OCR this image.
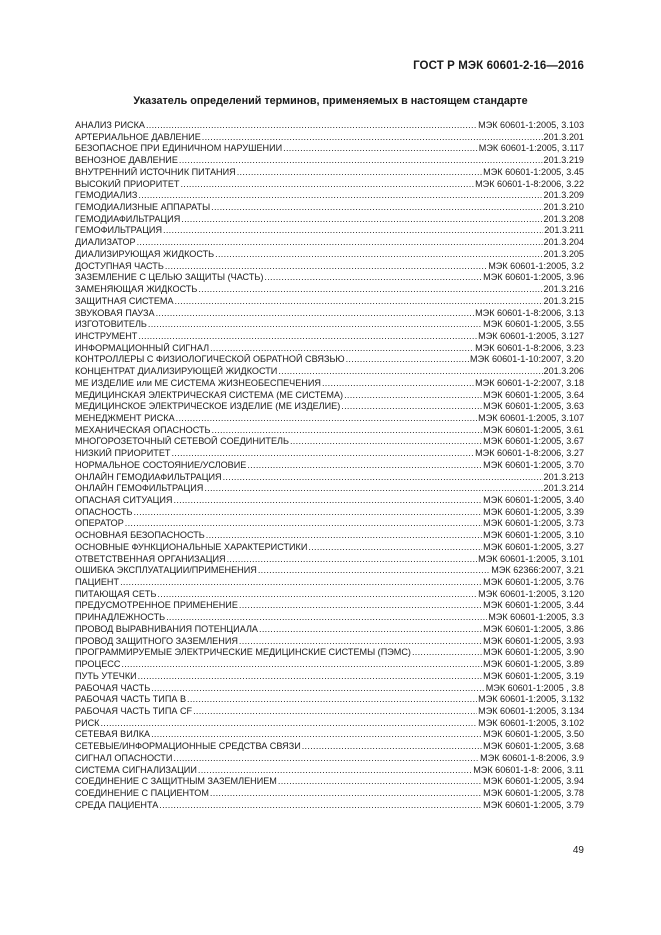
ГОСТ Р МЭК 60601-2-16—2016
Указатель определений терминов, применяемых в настоящем стандарте
АНАЛИЗ РИСКА .....	МЭК 60601-1:2005, 3.103
АРТЕРИАЛЬНОЕ ДАВЛЕНИЕ .....	201.3.201
БЕЗОПАСНОЕ ПРИ ЕДИНИЧНОМ НАРУШЕНИИ .....	МЭК 60601-1:2005, 3.117
ВЕНОЗНОЕ ДАВЛЕНИЕ .....	201.3.219
ВНУТРЕННИЙ ИСТОЧНИК ПИТАНИЯ .....	МЭК 60601-1:2005, 3.45
ВЫСОКИЙ ПРИОРИТЕТ .....	МЭК 60601-1-8:2006, 3.22
ГЕМОДИАЛИЗ .....	201.3.209
ГЕМОДИАЛИЗНЫЕ АППАРАТЫ .....	201.3.210
ГЕМОДИАФИЛЬТРАЦИЯ .....	201.3.208
ГЕМОФИЛЬТРАЦИЯ .....	201.3.211
ДИАЛИЗАТОР .....	201.3.204
ДИАЛИЗИРУЮЩАЯ ЖИДКОСТЬ .....	201.3.205
ДОСТУПНАЯ ЧАСТЬ .....	МЭК 60601-1:2005, 3.2
ЗАЗЕМЛЕНИЕ С ЦЕЛЬЮ ЗАЩИТЫ (ЧАСТЬ) .....	МЭК 60601-1:2005, 3.96
ЗАМЕНЯЮЩАЯ ЖИДКОСТЬ .....	201.3.216
ЗАЩИТНАЯ СИСТЕМА .....	201.3.215
ЗВУКОВАЯ ПАУЗА .....	МЭК 60601-1-8:2006, 3.13
ИЗГОТОВИТЕЛЬ .....	МЭК 60601-1:2005, 3.55
ИНСТРУМЕНТ .....	МЭК 60601-1:2005, 3.127
ИНФОРМАЦИОННЫЙ СИГНАЛ .....	МЭК 60601-1-8:2006, 3.23
КОНТРОЛЛЕРЫ С ФИЗИОЛОГИЧЕСКОЙ ОБРАТНОЙ СВЯЗЬЮ .....	МЭК 60601-1-10:2007, 3.20
КОНЦЕНТРАТ ДИАЛИЗИРУЮЩЕЙ ЖИДКОСТИ .....	201.3.206
МЕ ИЗДЕЛИЕ или МЕ СИСТЕМА ЖИЗНЕОБЕСПЕЧЕНИЯ .....	МЭК 60601-1-2:2007, 3.18
МЕДИЦИНСКАЯ ЭЛЕКТРИЧЕСКАЯ СИСТЕМА (МЕ СИСТЕМА) .....	МЭК 60601-1:2005, 3.64
МЕДИЦИНСКОЕ ЭЛЕКТРИЧЕСКОЕ ИЗДЕЛИЕ (МЕ ИЗДЕЛИЕ) .....	МЭК 60601-1:2005, 3.63
МЕНЕДЖМЕНТ РИСКА .....	МЭК 60601-1:2005, 3.107
МЕХАНИЧЕСКАЯ ОПАСНОСТЬ .....	МЭК 60601-1:2005, 3.61
МНОГОРОЗЕТОЧНЫЙ СЕТЕВОЙ СОЕДИНИТЕЛЬ .....	МЭК 60601-1:2005, 3.67
НИЗКИЙ ПРИОРИТЕТ .....	МЭК 60601-1-8:2006, 3.27
НОРМАЛЬНОЕ СОСТОЯНИЕ/УСЛОВИЕ .....	МЭК 60601-1:2005, 3.70
ОНЛАЙН ГЕМОДИАФИЛЬТРАЦИЯ .....	201.3.213
ОНЛАЙН ГЕМОФИЛЬТРАЦИЯ .....	201.3.214
ОПАСНАЯ СИТУАЦИЯ .....	МЭК 60601-1:2005, 3.40
ОПАСНОСТЬ .....	МЭК 60601-1:2005, 3.39
ОПЕРАТОР .....	МЭК 60601-1:2005, 3.73
ОСНОВНАЯ БЕЗОПАСНОСТЬ .....	МЭК 60601-1:2005, 3.10
ОСНОВНЫЕ ФУНКЦИОНАЛЬНЫЕ ХАРАКТЕРИСТИКИ .....	МЭК 60601-1:2005, 3.27
ОТВЕТСТВЕННАЯ ОРГАНИЗАЦИЯ .....	МЭК 60601-1:2005, 3.101
ОШИБКА ЭКСПЛУАТАЦИИ/ПРИМЕНЕНИЯ .....	МЭК 62366:2007, 3.21
ПАЦИЕНТ .....	МЭК 60601-1:2005, 3.76
ПИТАЮЩАЯ СЕТЬ .....	МЭК 60601-1:2005, 3.120
ПРЕДУСМОТРЕННОЕ ПРИМЕНЕНИЕ .....	МЭК 60601-1:2005, 3.44
ПРИНАДЛЕЖНОСТЬ .....	МЭК 60601-1:2005, 3.3
ПРОВОД ВЫРАВНИВАНИЯ ПОТЕНЦИАЛА .....	МЭК 60601-1:2005, 3.86
ПРОВОД ЗАЩИТНОГО ЗАЗЕМЛЕНИЯ .....	МЭК 60601-1:2005, 3.93
ПРОГРАММИРУЕМЫЕ ЭЛЕКТРИЧЕСКИЕ МЕДИЦИНСКИЕ СИСТЕМЫ (ПЭМС) .....	МЭК 60601-1:2005, 3.90
ПРОЦЕСС .....	МЭК 60601-1:2005, 3.89
ПУТЬ УТЕЧКИ .....	МЭК 60601-1:2005, 3.19
РАБОЧАЯ ЧАСТЬ .....	МЭК 60601-1:2005 , 3.8
РАБОЧАЯ ЧАСТЬ ТИПА B .....	МЭК 60601-1:2005, 3.132
РАБОЧАЯ ЧАСТЬ ТИПА CF .....	МЭК 60601-1:2005, 3.134
РИСК .....	МЭК 60601-1:2005, 3.102
СЕТЕВАЯ ВИЛКА .....	МЭК 60601-1:2005, 3.50
СЕТЕВЫЕ/ИНФОРМАЦИОННЫЕ СРЕДСТВА СВЯЗИ .....	МЭК 60601-1:2005, 3.68
СИГНАЛ ОПАСНОСТИ .....	МЭК 60601-1-8:2006, 3.9
СИСТЕМА СИГНАЛИЗАЦИИ .....	МЭК 60601-1-8: 2006, 3.11
СОЕДИНЕНИЕ С ЗАЩИТНЫМ ЗАЗЕМЛЕНИЕМ .....	МЭК 60601-1:2005, 3.94
СОЕДИНЕНИЕ С ПАЦИЕНТОМ .....	МЭК 60601-1:2005, 3.78
СРЕДА ПАЦИЕНТА .....	МЭК 60601-1:2005, 3.79
49
